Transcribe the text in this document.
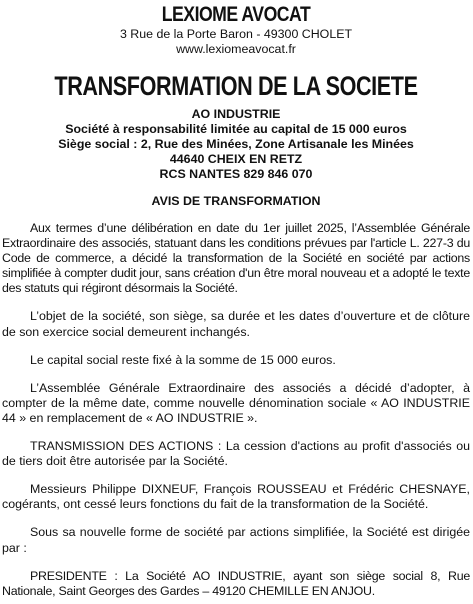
LEXIOME AVOCAT

3 Rue de la Porte Baron - 49300 CHOLET

www.lexiomeavocat.fr

TRANSFORMATION DE LA SOCIETE

AO INDUSTRIE

Société à responsabilité limitée au capital de 15 000 euros

Siège social : 2, Rue des Minées, Zone Artisanale les Minées

44640 CHEIX EN RETZ

RCS NANTES 829 846 070

AVIS DE TRANSFORMATION

Aux termes d’une délibération en date du 1er juillet 2025, l’Assemblée Générale Extraordinaire des associés, statuant dans les conditions prévues par l'article L. 227-3 du Code de commerce, a décidé la transformation de la Société en société par actions simplifiée à compter dudit jour, sans création d'un être moral nouveau et a adopté le texte des statuts qui régiront désormais la Société.

L’objet de la société, son siège, sa durée et les dates d’ouverture et de clôture de son exercice social demeurent inchangés.

Le capital social reste fixé à la somme de 15 000 euros.

L’Assemblée Générale Extraordinaire des associés a décidé d’adopter, à compter de la même date, comme nouvelle dénomination sociale « AO INDUSTRIE 44 » en remplacement de « AO INDUSTRIE ».

TRANSMISSION DES ACTIONS : La cession d'actions au profit d'associés ou de tiers doit être autorisée par la Société.

Messieurs Philippe DIXNEUF, François ROUSSEAU et Frédéric CHESNAYE, cogérants, ont cessé leurs fonctions du fait de la transformation de la Société.

Sous sa nouvelle forme de société par actions simplifiée, la Société est dirigée par :

PRESIDENTE : La Société AO INDUSTRIE, ayant son siège social 8, Rue Nationale, Saint Georges des Gardes – 49120 CHEMILLE EN ANJOU.
